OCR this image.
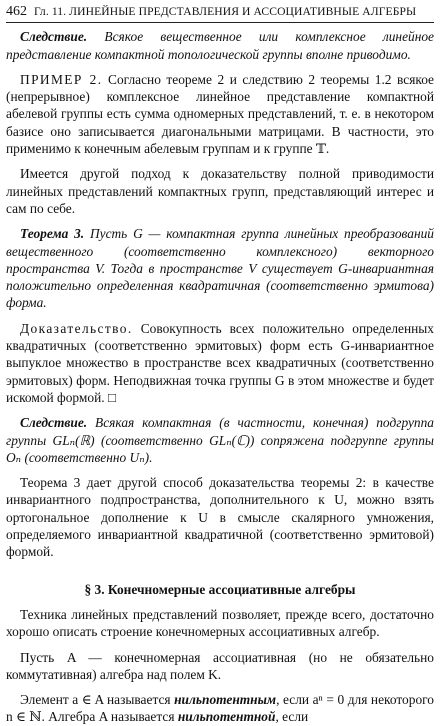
462 Гл. 11. ЛИНЕЙНЫЕ ПРЕДСТАВЛЕНИЯ И АССОЦИАТИВНЫЕ АЛГЕБРЫ

Следствие. Всякое вещественное или комплексное линейное представление компактной топологической группы вполне приводимо.

ПРИМЕР 2. Согласно теореме 2 и следствию 2 теоремы 1.2 всякое (непрерывное) комплексное линейное представление компактной абелевой группы есть сумма одномерных представлений, т. е. в некотором базисе оно записывается диагональными матрицами. В частности, это применимо к конечным абелевым группам и к группе 𝕋.

Имеется другой подход к доказательству полной приводимости линейных представлений компактных групп, представляющий интерес и сам по себе.

Теорема 3. Пусть G — компактная группа линейных преобразований вещественного (соответственно комплексного) векторного пространства V. Тогда в пространстве V существует G-инвариантная положительно определенная квадратичная (соответственно эрмитова) форма.

Доказательство. Совокупность всех положительно определенных квадратичных (соответственно эрмитовых) форм есть G-инвариантное выпуклое множество в пространстве всех квадратичных (соответственно эрмитовых) форм. Неподвижная точка группы G в этом множестве и будет искомой формой. □

Следствие. Всякая компактная (в частности, конечная) подгруппа группы GLₙ(ℝ) (соответственно GLₙ(ℂ)) сопряжена подгруппе группы Oₙ (соответственно Uₙ).

Теорема 3 дает другой способ доказательства теоремы 2: в качестве инвариантного подпространства, дополнительного к U, можно взять ортогональное дополнение к U в смысле скалярного умножения, определяемого инвариантной квадратичной (соответственно эрмитовой) формой.

§ 3. Конечномерные ассоциативные алгебры

Техника линейных представлений позволяет, прежде всего, достаточно хорошо описать строение конечномерных ассоциативных алгебр.

Пусть A — конечномерная ассоциативная (но не обязательно коммутативная) алгебра над полем K.

Элемент a ∈ A называется нильпотентным, если aⁿ = 0 для некоторого n ∈ ℕ. Алгебра A называется нильпотентной, если
